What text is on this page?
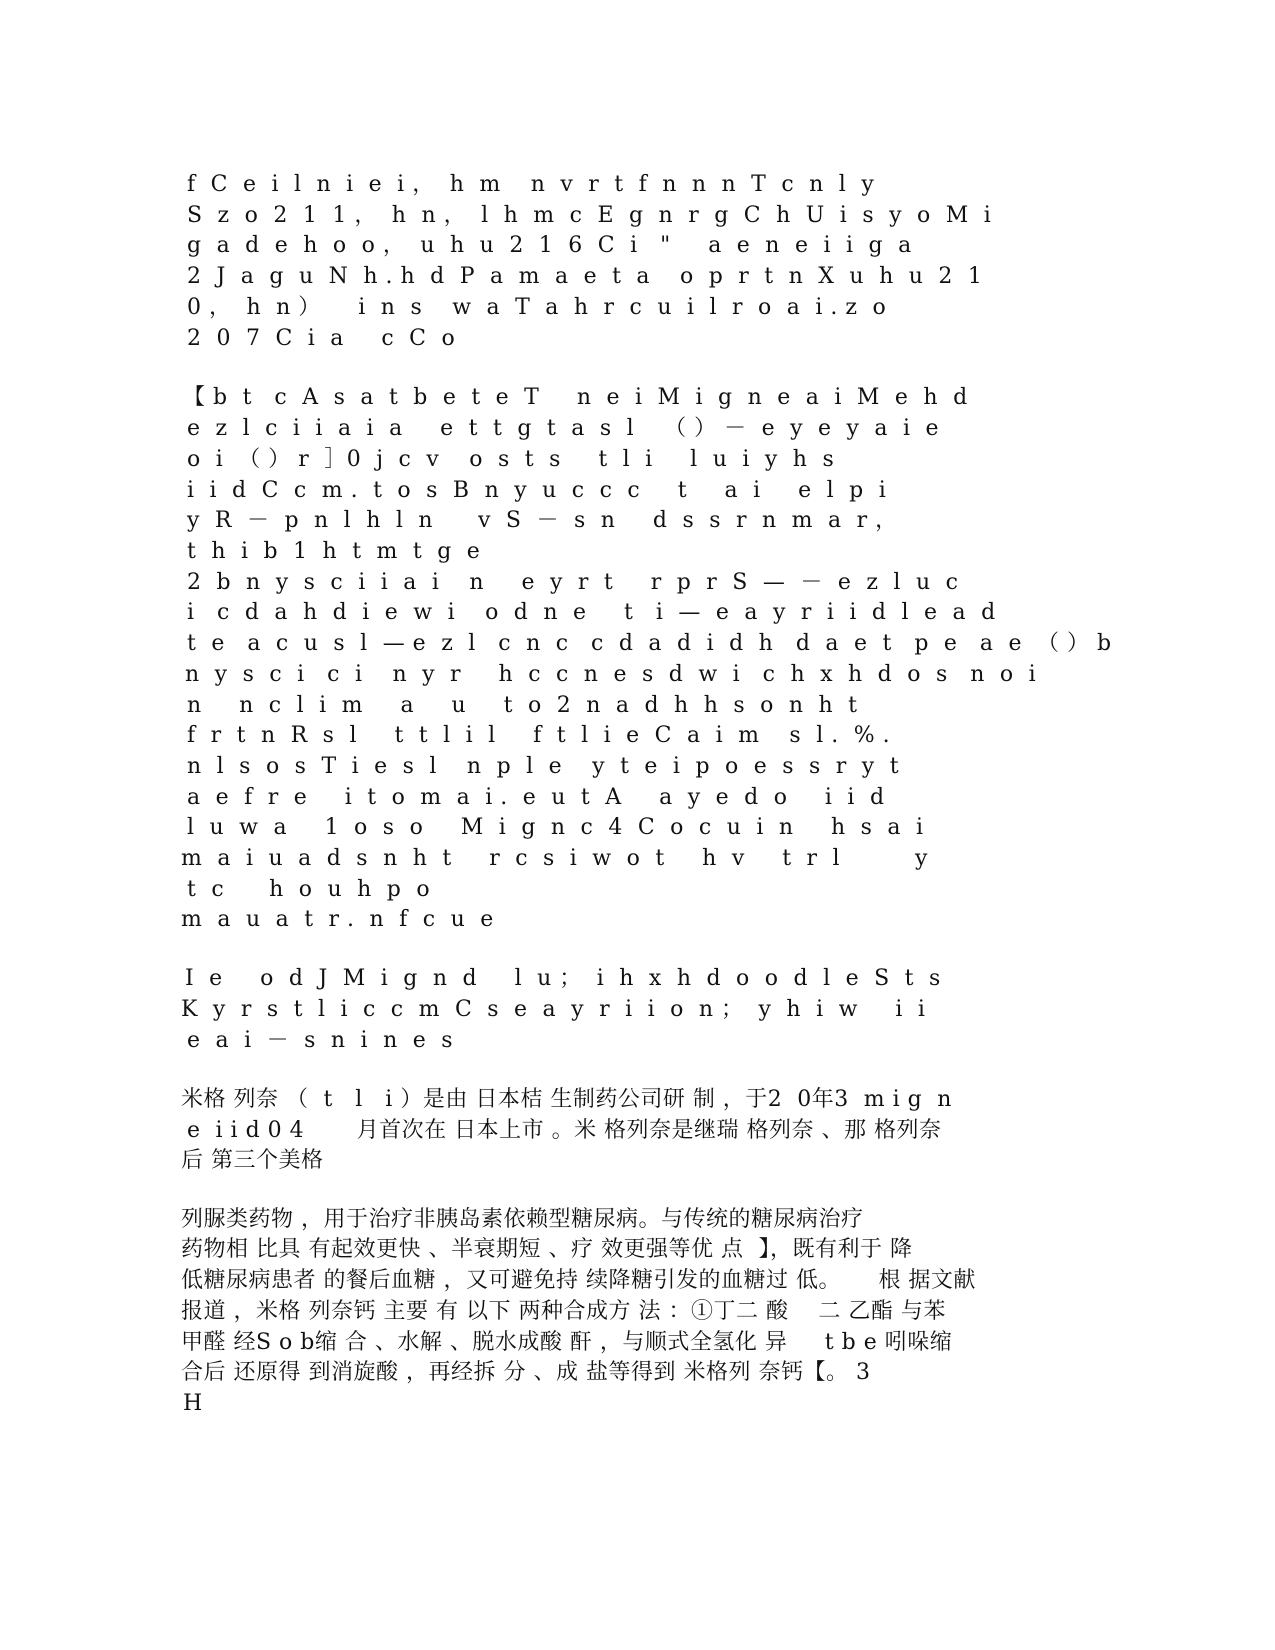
f  C  e  i  l  n  i  e  i ，  h  m    n  v  r  t  f  n  n  n  T  c  n  l  y
S  z  o  2  1  1 ，  h  n ，  l  h  m  c  E  g  n  r  g  C  h  U  i  s  y  o  M  i
g  a  d  e  h  o  o ，  u  h  u  2  1  6  C  i   "     a  e  n  e  i  i  g  a
2  J  a  g  u  N  h . h  d  P  a  m  a  e  t  a    o  p  r  t  n  X  u  h  u  2  1
0 ，  h  n ）     i  n  s    w  a  T  a  h  r  c  u  i  l  r  o  a  i . z  o
2  0  7  C  i  a     c  C  o
【 b  t   c  A  s  a  t  b  e  t  e  T     n  e  i  M  i  g  n  e  a  i  M  e  h  d
e  z  l  c  i  i  a  i  a     e  t  t  g  t  a  s  l    （ ） －  e  y  e  y  a  i  e
o  i  （ ） r  ］0  j  c  v    o  s  t  s     t  l  i     l  u  i  y  h  s
i  i  d  C  c  m .  t  o  s  B  n  y  u  c  c  c     t     a  i     e  l  p  i
y  R  －  p  n  l  h  l  n      v  S  －  s  n     d  s  s  r  n  m  a  r ，
t  h  i  b  1  h  t  m  t  g  e
2  b  n  y  s  c  i  i  a  i    n     e  y  r  t     r  p  r  S  —  －  e  z  l  u  c
i   c  d  a  h  d  i  e  w  i    o  d  n  e     t   i  —  e  a  y  r  i  i  d  l  e  a  d
t  e   a  c  u  s  l  — e  z  l   c  n  c   c  d  a  d  i  d  h   d  a  e  t   p  e   a  e  （ ） b
n  y  s  c  i   c  i    n  y  r     h  c  c  n  e  s  d  w  i   c  h  x  h  d  o  s   n  o  i
n     n  c  l  i  m     a     u     t  o  2  n  a  d  h  h  s  o  n  h  t
f  r  t  n  R  s  l     t  t  l  i  l     f  t  l  i  e  C  a  i  m    s  l .  % .
n  l  s  o  s  T  i  e  s  l    n  p  l  e    y  t  e  i  p  o  e  s  s  r  y  t
a  e  f  r  e     i  t  o  m  a  i .  e  u  t  A     a  y  e  d  o     i  i  d
l  u  w  a     1  o  s  o     M  i  g  n  c  4  C  o  c  u  i  n     h  s  a  i
m  a  i  u  a  d  s  n  h  t     r  c  s  i  w  o  t     h  v     t  r  l          y
t  c      h  o  u  h  p  o
m  a  u  a  t  r .  n  f  c  u  e
I  e     o  d  J  M  i  g  n  d     l  u ；  i  h  x  h  d  o  o  d  l  e  S  t  s
K  y  r  s  t  l  i  c  c  m  C  s  e  a  y  r  i  i  o  n ；  y  h  i  w     i  i
e  a  i  －  s  n  i  n  e  s
米格 列奈 （  t   l   i ）是由 日本桔 生制药公司研 制 ，于2  0年3  m i g  n
e  i i d 0 4       月首次在 日本上市 。米 格列奈是继瑞 格列奈 、那 格列奈
后 第三个美格
列脲类药物 ，用于治疗非胰岛素依赖型糖尿病。与传统的糖尿病治疗
药物相 比具 有起效更快 、半衰期短 、疗 效更强等优 点  】，既有利于 降
低糖尿病患者 的餐后血糖 ，又可避免持 续降糖引发的血糖过 低。     根 据文献
报道 ，米格 列奈钙 主要 有 以下 两种合成方 法 ：①丁二 酸    二 乙酯 与苯
甲醛 经S o b缩 合 、水解 、脱水成酸 酐 ，与顺式全氢化 异     t b e 吲哚缩
合后 还原得 到消旋酸 ，再经拆 分 、成 盐等得到 米格列 奈钙【。 3
H
